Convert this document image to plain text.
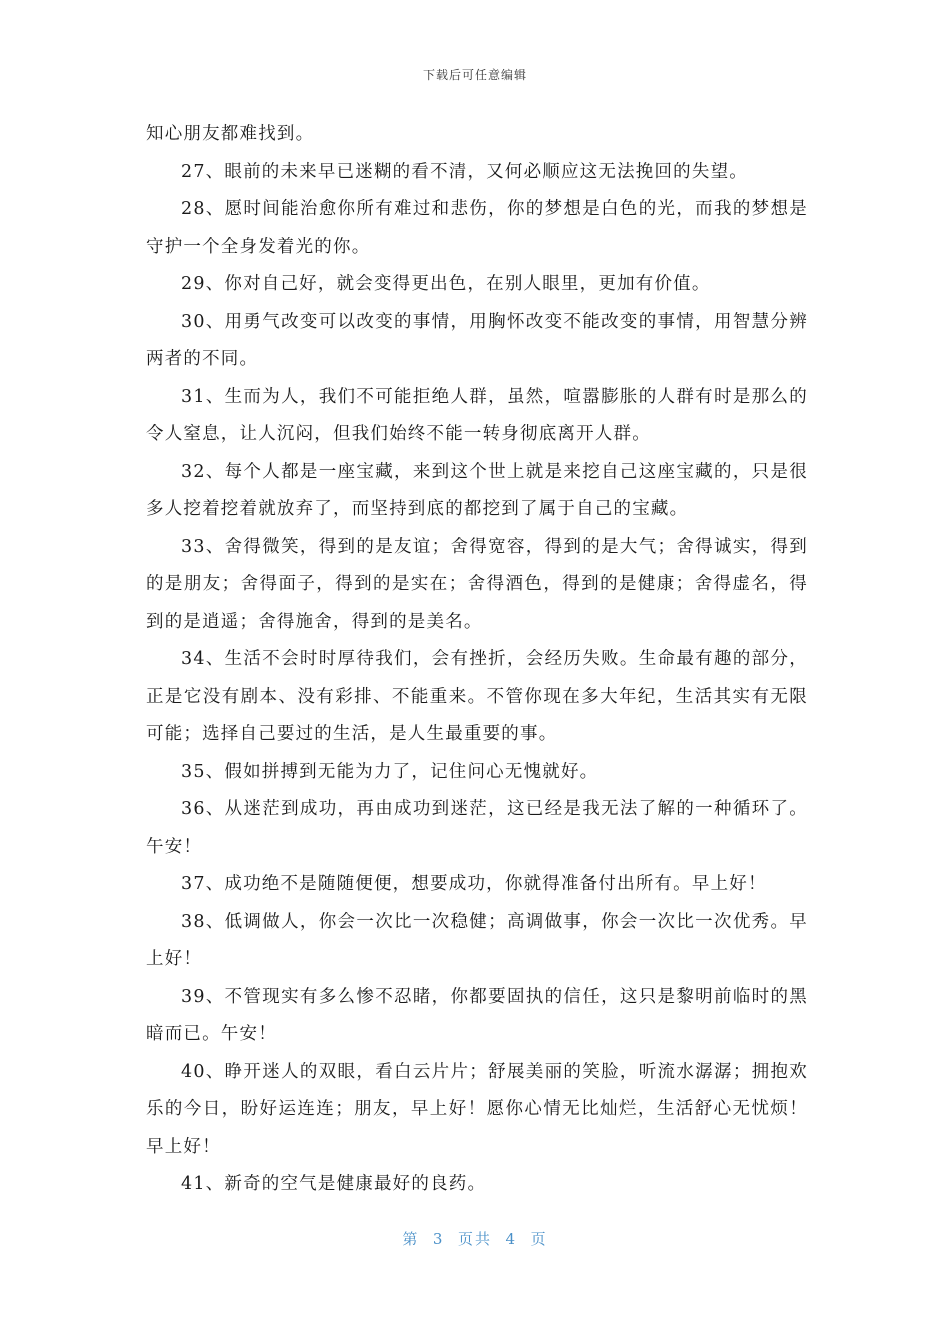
下载后可任意编辑

知心朋友都难找到。

27、眼前的未来早已迷糊的看不清，又何必顺应这无法挽回的失望。

28、愿时间能治愈你所有难过和悲伤，你的梦想是白色的光，而我的梦想是守护一个全身发着光的你。

29、你对自己好，就会变得更出色，在别人眼里，更加有价值。

30、用勇气改变可以改变的事情，用胸怀改变不能改变的事情，用智慧分辨两者的不同。

31、生而为人，我们不可能拒绝人群，虽然，喧嚣膨胀的人群有时是那么的令人窒息，让人沉闷，但我们始终不能一转身彻底离开人群。

32、每个人都是一座宝藏，来到这个世上就是来挖自己这座宝藏的，只是很多人挖着挖着就放弃了，而坚持到底的都挖到了属于自己的宝藏。

33、舍得微笑，得到的是友谊；舍得宽容，得到的是大气；舍得诚实，得到的是朋友；舍得面子，得到的是实在；舍得酒色，得到的是健康；舍得虚名，得到的是逍遥；舍得施舍，得到的是美名。

34、生活不会时时厚待我们，会有挫折，会经历失败。生命最有趣的部分，正是它没有剧本、没有彩排、不能重来。不管你现在多大年纪，生活其实有无限可能；选择自己要过的生活，是人生最重要的事。

35、假如拼搏到无能为力了，记住问心无愧就好。

36、从迷茫到成功，再由成功到迷茫，这已经是我无法了解的一种循环了。午安！

37、成功绝不是随随便便，想要成功，你就得准备付出所有。早上好！

38、低调做人，你会一次比一次稳健；高调做事，你会一次比一次优秀。早上好！

39、不管现实有多么惨不忍睹，你都要固执的信任，这只是黎明前临时的黑暗而已。午安！

40、睁开迷人的双眼，看白云片片；舒展美丽的笑脸，听流水潺潺；拥抱欢乐的今日，盼好运连连；朋友，早上好！愿你心情无比灿烂，生活舒心无忧烦！早上好！

41、新奇的空气是健康最好的良药。

第  3  页共  4  页
